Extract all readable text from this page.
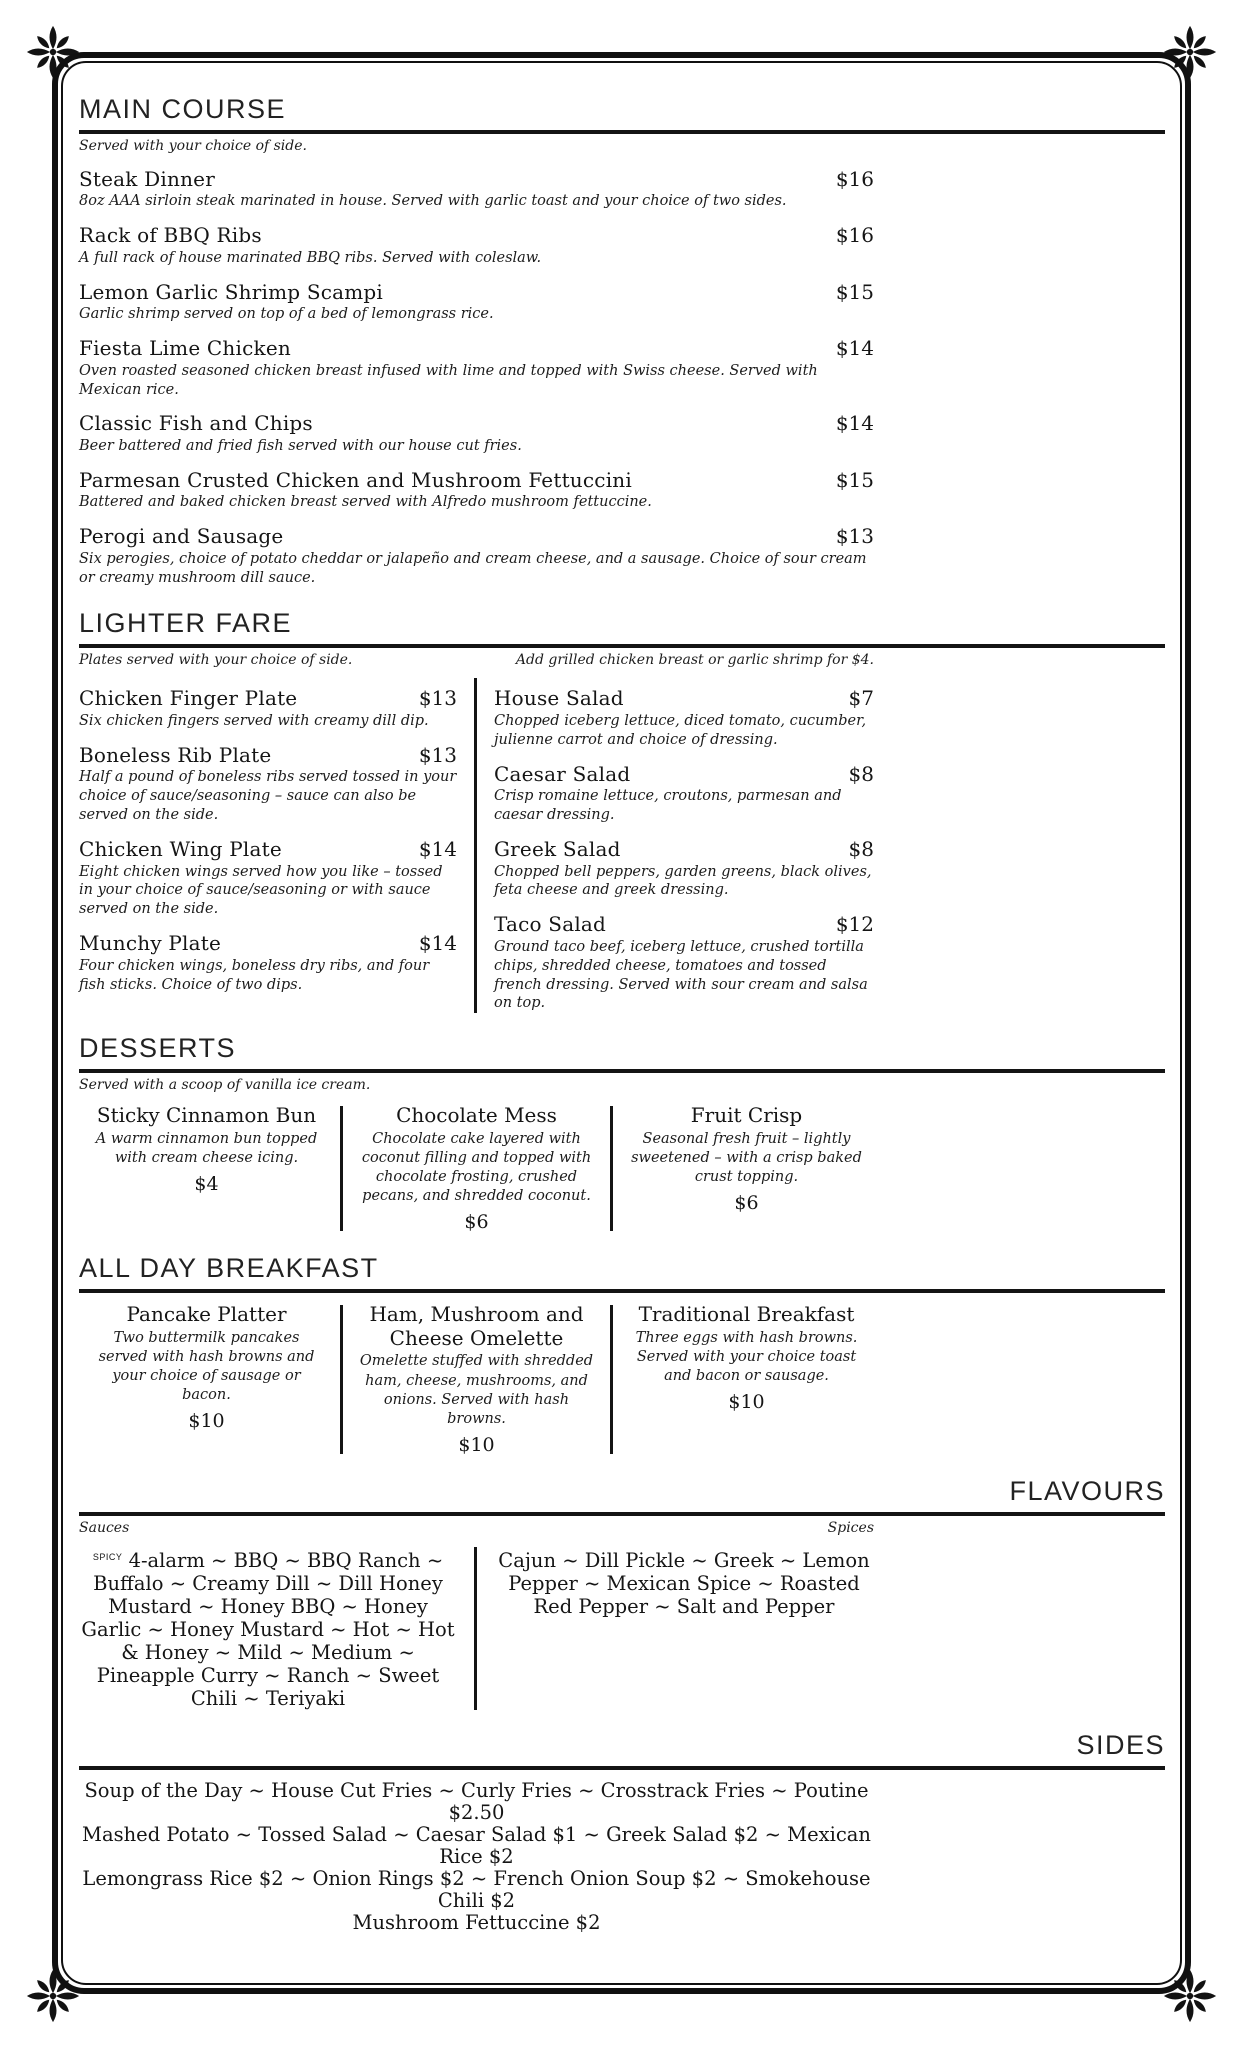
MAIN COURSE
Served with your choice of side.
Steak Dinner	$16
8oz AAA sirloin steak marinated in house. Served with garlic toast and your choice of two sides.
Rack of BBQ Ribs	$16
A full rack of house marinated BBQ ribs. Served with coleslaw.
Lemon Garlic Shrimp Scampi	$15
Garlic shrimp served on top of a bed of lemongrass rice.
Fiesta Lime Chicken	$14
Oven roasted seasoned chicken breast infused with lime and topped with Swiss cheese. Served with Mexican rice.
Classic Fish and Chips	$14
Beer battered and fried fish served with our house cut fries.
Parmesan Crusted Chicken and Mushroom Fettuccini	$15
Battered and baked chicken breast served with Alfredo mushroom fettuccine.
Perogi and Sausage	$13
Six perogies, choice of potato cheddar or jalapeño and cream cheese, and a sausage. Choice of sour cream or creamy mushroom dill sauce.
LIGHTER FARE
Plates served with your choice of side.	Add grilled chicken breast or garlic shrimp for $4.
Chicken Finger Plate	$13
Six chicken fingers served with creamy dill dip.
Boneless Rib Plate	$13
Half a pound of boneless ribs served tossed in your choice of sauce/seasoning – sauce can also be served on the side.
Chicken Wing Plate	$14
Eight chicken wings served how you like – tossed in your choice of sauce/seasoning or with sauce served on the side.
Munchy Plate	$14
Four chicken wings, boneless dry ribs, and four fish sticks. Choice of two dips.
House Salad	$7
Chopped iceberg lettuce, diced tomato, cucumber, julienne carrot and choice of dressing.
Caesar Salad	$8
Crisp romaine lettuce, croutons, parmesan and caesar dressing.
Greek Salad	$8
Chopped bell peppers, garden greens, black olives, feta cheese and greek dressing.
Taco Salad	$12
Ground taco beef, iceberg lettuce, crushed tortilla chips, shredded cheese, tomatoes and tossed french dressing. Served with sour cream and salsa on top.
DESSERTS
Served with a scoop of vanilla ice cream.
Sticky Cinnamon Bun
A warm cinnamon bun topped with cream cheese icing.
$4
Chocolate Mess
Chocolate cake layered with coconut filling and topped with chocolate frosting, crushed pecans, and shredded coconut.
$6
Fruit Crisp
Seasonal fresh fruit – lightly sweetened – with a crisp baked crust topping.
$6
ALL DAY BREAKFAST
Pancake Platter
Two buttermilk pancakes served with hash browns and your choice of sausage or bacon.
$10
Ham, Mushroom and Cheese Omelette
Omelette stuffed with shredded ham, cheese, mushrooms, and onions. Served with hash browns.
$10
Traditional Breakfast
Three eggs with hash browns. Served with your choice toast and bacon or sausage.
$10
FLAVOURS
Sauces	Spices
$^{SPICY}$ 4-alarm ~ BBQ ~ BBQ Ranch ~ Buffalo ~ Creamy Dill ~ Dill Honey Mustard ~ Honey BBQ ~ Honey Garlic ~ Honey Mustard ~ Hot ~ Hot & Honey ~ Mild ~ Medium ~ Pineapple Curry ~ Ranch ~ Sweet Chili ~ Teriyaki
Cajun ~ Dill Pickle ~ Greek ~ Lemon Pepper ~ Mexican Spice ~ Roasted Red Pepper ~ Salt and Pepper
SIDES
Soup of the Day ~ House Cut Fries ~ Curly Fries ~ Crosstrack Fries ~ Poutine $2.50
Mashed Potato ~ Tossed Salad ~ Caesar Salad $1 ~ Greek Salad $2 ~ Mexican Rice $2
Lemongrass Rice $2 ~ Onion Rings $2 ~ French Onion Soup $2 ~ Smokehouse Chili $2
Mushroom Fettuccine $2
